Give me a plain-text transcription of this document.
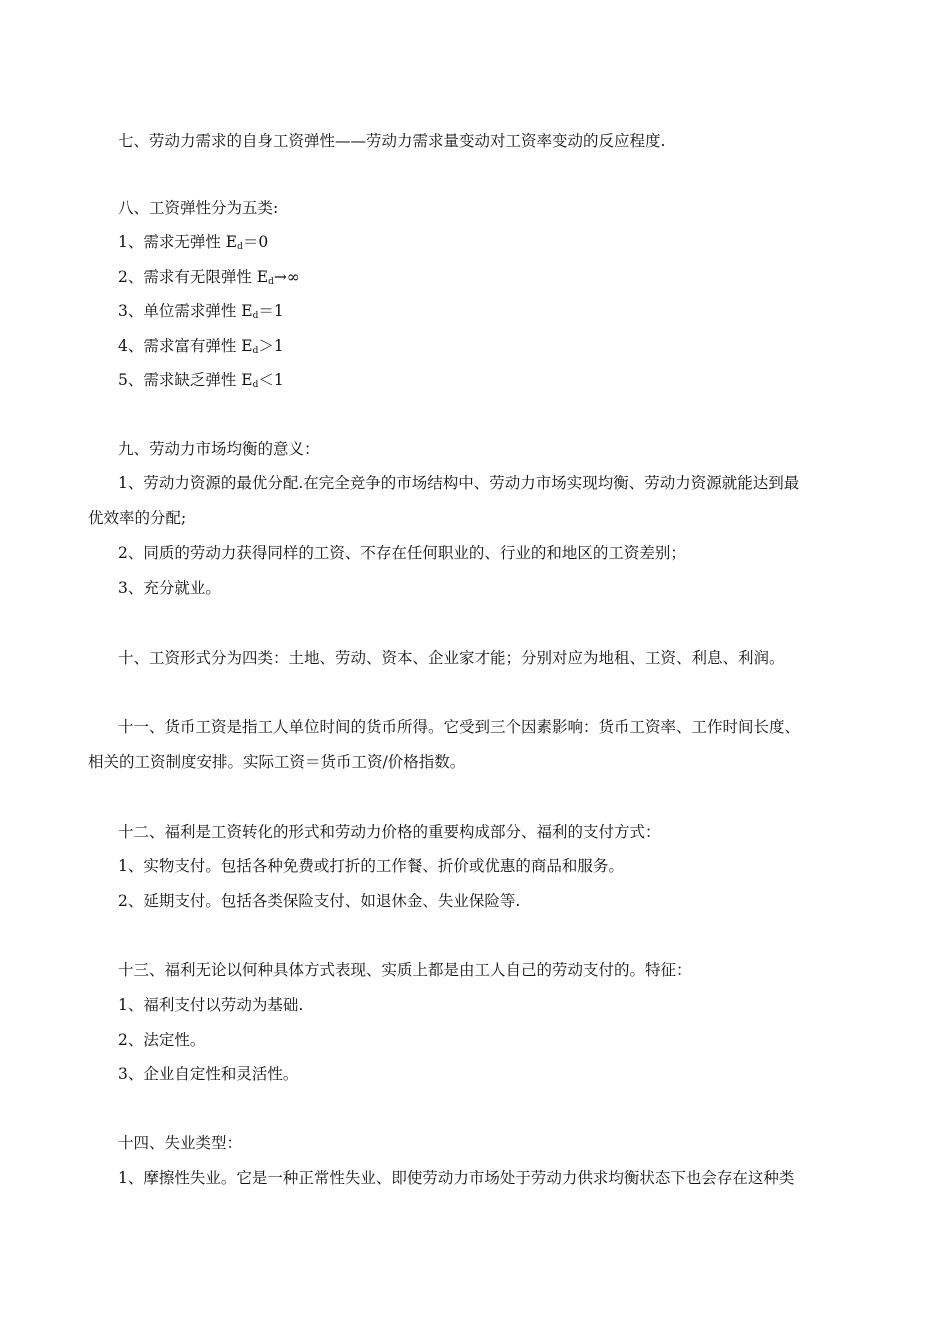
七、劳动力需求的自身工资弹性——劳动力需求量变动对工资率变动的反应程度.
八、工资弹性分为五类:
1、需求无弹性 $E_d=0$
2、需求有无限弹性 $E_d\to\infty$
3、单位需求弹性 $E_d=1$
4、需求富有弹性 $E_d>1$
5、需求缺乏弹性 $E_d<1$
九、劳动力市场均衡的意义：
1、劳动力资源的最优分配.在完全竞争的市场结构中、劳动力市场实现均衡、劳动力资源就能达到最
优效率的分配;
2、同质的劳动力获得同样的工资、不存在任何职业的、行业的和地区的工资差别；
3、充分就业。
十、工资形式分为四类：土地、劳动、资本、企业家才能；分别对应为地租、工资、利息、利润。
十一、货币工资是指工人单位时间的货币所得。它受到三个因素影响：货币工资率、工作时间长度、
相关的工资制度安排。实际工资＝货币工资/价格指数。
十二、福利是工资转化的形式和劳动力价格的重要构成部分、福利的支付方式：
1、实物支付。包括各种免费或打折的工作餐、折价或优惠的商品和服务。
2、延期支付。包括各类保险支付、如退休金、失业保险等.
十三、福利无论以何种具体方式表现、实质上都是由工人自己的劳动支付的。特征：
1、福利支付以劳动为基础.
2、法定性。
3、企业自定性和灵活性。
十四、失业类型：
1、摩擦性失业。它是一种正常性失业、即使劳动力市场处于劳动力供求均衡状态下也会存在这种类
